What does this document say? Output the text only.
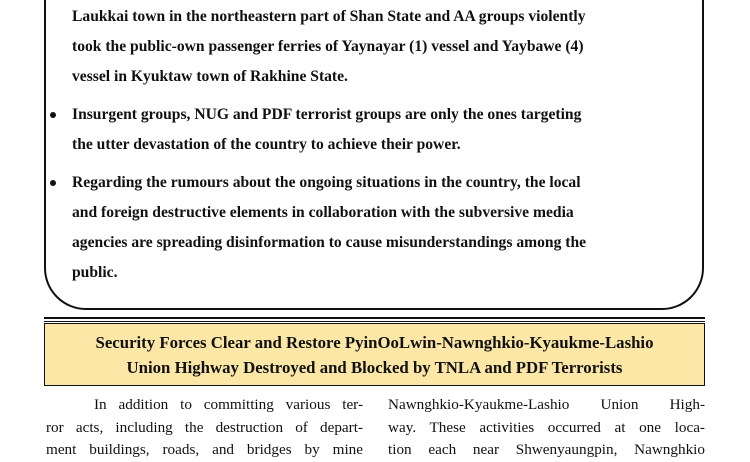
Laukkai town in the northeastern part of Shan State and AA groups violently
took the public-own passenger ferries of Yaynayar (1) vessel and Yaybawe (4)
vessel in Kyuktaw town of Rakhine State.

Insurgent groups, NUG and PDF terrorist groups are only the ones targeting
the utter devastation of the country to achieve their power.
Regarding the rumours about the ongoing situations in the country, the local
and foreign destructive elements in collaboration with the subversive media
agencies are spreading disinformation to cause misunderstandings among the
public.
Security Forces Clear and Restore PyinOoLwin-Nawnghkio-Kyaukme-Lashio
Union Highway Destroyed and Blocked by TNLA and PDF Terrorists
In addition to committing various ter-
ror acts, including the destruction of depart-
ment buildings, roads, and bridges by mine
Nawnghkio-Kyaukme-Lashio Union High-
way. These activities occurred at one loca-
tion each near Shwenyaungpin, Nawnghkio
